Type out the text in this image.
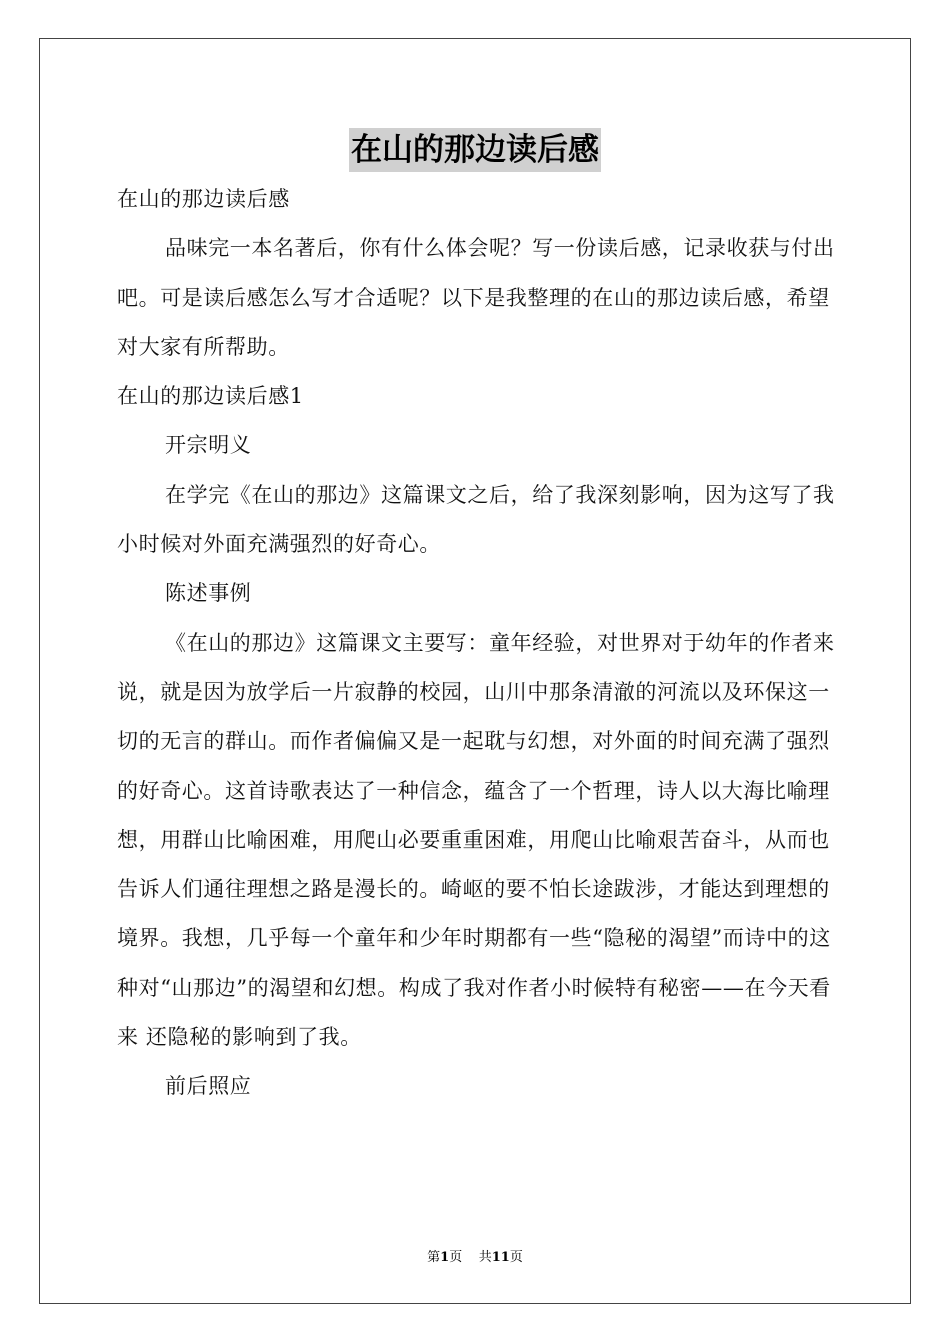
在山的那边读后感

在山的那边读后感

品味完一本名著后，你有什么体会呢？写一份读后感，记录收获与付出吧。可是读后感怎么写才合适呢？以下是我整理的在山的那边读后感，希望对大家有所帮助。

在山的那边读后感1

开宗明义

在学完《在山的那边》这篇课文之后，给了我深刻影响，因为这写了我小时候对外面充满强烈的好奇心。

陈述事例

《在山的那边》这篇课文主要写：童年经验，对世界对于幼年的作者来说，就是因为放学后一片寂静的校园，山川中那条清澈的河流以及环保这一切的无言的群山。而作者偏偏又是一起耽与幻想，对外面的时间充满了强烈的好奇心。这首诗歌表达了一种信念，蕴含了一个哲理，诗人以大海比喻理想，用群山比喻困难，用爬山必要重重困难，用爬山比喻艰苦奋斗，从而也告诉人们通往理想之路是漫长的。崎岖的要不怕长途跋涉，才能达到理想的境界。我想，几乎每一个童年和少年时期都有一些“隐秘的渴望”而诗中的这种对“山那边”的渴望和幻想。构成了我对作者小时候特有秘密——在今天看来 还隐秘的影响到了我。

前后照应

第1页 共11页
